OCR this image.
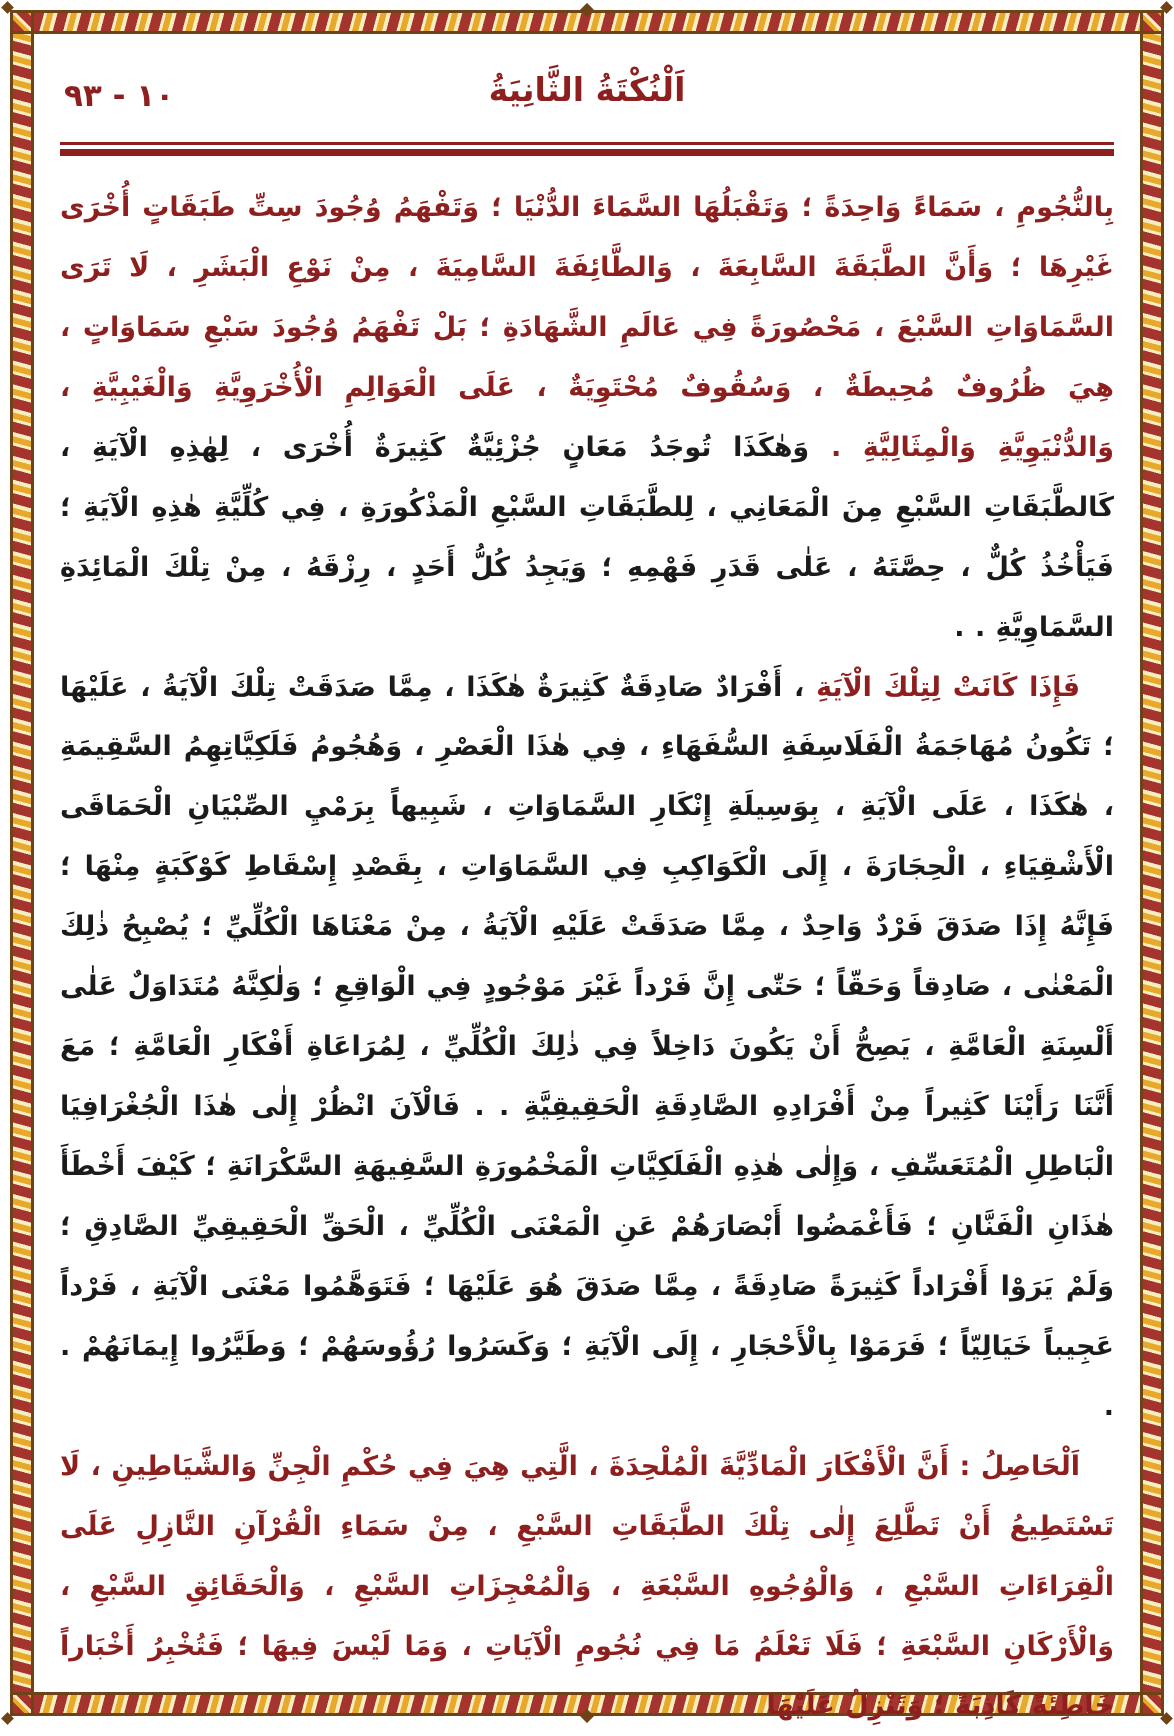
٩٣ - ١٠	اَلْنُكْتَةُ الثَّانِيَةُ

بِالنُّجُومِ ، سَمَاءً وَاحِدَةً ؛ وَتَقْبَلُهَا السَّمَاءَ الدُّنْيَا ؛ وَتَفْهَمُ وُجُودَ سِتِّ طَبَقَاتٍ أُخْرَى غَيْرِهَا ؛ وَأَنَّ الطَّبَقَةَ السَّابِعَةَ ، وَالطَّائِفَةَ السَّامِيَةَ ، مِنْ نَوْعِ الْبَشَرِ ، لَا تَرَى السَّمَاوَاتِ السَّبْعَ ، مَحْصُورَةً فِي عَالَمِ الشَّهَادَةِ ؛ بَلْ تَفْهَمُ وُجُودَ سَبْعِ سَمَاوَاتٍ ، هِيَ ظُرُوفٌ مُحِيطَةٌ ، وَسُقُوفٌ مُحْتَوِيَةٌ ، عَلَى الْعَوَالِمِ الْأُخْرَوِيَّةِ وَالْغَيْبِيَّةِ ، وَالدُّنْيَوِيَّةِ وَالْمِثَالِيَّةِ . وَهٰكَذَا تُوجَدُ مَعَانٍ جُزْئِيَّةٌ كَثِيرَةٌ أُخْرَى ، لِهٰذِهِ الْآيَةِ ، كَالطَّبَقَاتِ السَّبْعِ مِنَ الْمَعَانِي ، لِلطَّبَقَاتِ السَّبْعِ الْمَذْكُورَةِ ، فِي كُلِّيَّةِ هٰذِهِ الْآيَةِ ؛ فَيَأْخُذُ كُلٌّ ، حِصَّتَهُ ، عَلٰى قَدَرِ فَهْمِهِ ؛ وَيَجِدُ كُلُّ أَحَدٍ ، رِزْقَهُ ، مِنْ تِلْكَ الْمَائِدَةِ السَّمَاوِيَّةِ . .

فَإِذَا كَانَتْ لِتِلْكَ الْآيَةِ ، أَفْرَادٌ صَادِقَةٌ كَثِيرَةٌ هٰكَذَا ، مِمَّا صَدَقَتْ تِلْكَ الْآيَةُ ، عَلَيْهَا ؛ تَكُونُ مُهَاجَمَةُ الْفَلَاسِفَةِ السُّفَهَاءِ ، فِي هٰذَا الْعَصْرِ ، وَهُجُومُ فَلَكِيَّاتِهِمُ السَّقِيمَةِ ، هٰكَذَا ، عَلَى الْآيَةِ ، بِوَسِيلَةِ إِنْكَارِ السَّمَاوَاتِ ، شَبِيهاً بِرَمْيِ الصِّبْيَانِ الْحَمَاقَى الْأَشْقِيَاءِ ، الْحِجَارَةَ ، إِلَى الْكَوَاكِبِ فِي السَّمَاوَاتِ ، بِقَصْدِ إِسْقَاطِ كَوْكَبَةٍ مِنْهَا ؛ فَإِنَّهُ إِذَا صَدَقَ فَرْدٌ وَاحِدٌ ، مِمَّا صَدَقَتْ عَلَيْهِ الْآيَةُ ، مِنْ مَعْنَاهَا الْكُلِّيِّ ؛ يُصْبِحُ ذٰلِكَ الْمَعْنٰى ، صَادِقاً وَحَقّاً ؛ حَتّٰى إِنَّ فَرْداً غَيْرَ مَوْجُودٍ فِي الْوَاقِعِ ؛ وَلٰكِنَّهُ مُتَدَاوَلٌ عَلٰى أَلْسِنَةِ الْعَامَّةِ ، يَصِحُّ أَنْ يَكُونَ دَاخِلاً فِي ذٰلِكَ الْكُلِّيِّ ، لِمُرَاعَاةِ أَفْكَارِ الْعَامَّةِ ؛ مَعَ أَنَّنَا رَأَيْنَا كَثِيراً مِنْ أَفْرَادِهِ الصَّادِقَةِ الْحَقِيقِيَّةِ . . فَالْآنَ انْظُرْ إِلٰى هٰذَا الْجُغْرَافِيَا الْبَاطِلِ الْمُتَعَسِّفِ ، وَإِلٰى هٰذِهِ الْفَلَكِيَّاتِ الْمَخْمُورَةِ السَّفِيهَةِ السَّكْرَانَةِ ؛ كَيْفَ أَخْطَأَ هٰذَانِ الْفَنَّانِ ؛ فَأَغْمَضُوا أَبْصَارَهُمْ عَنِ الْمَعْنَى الْكُلِّيِّ ، الْحَقِّ الْحَقِيقِيِّ الصَّادِقِ ؛ وَلَمْ يَرَوْا أَفْرَاداً كَثِيرَةً صَادِقَةً ، مِمَّا صَدَقَ هُوَ عَلَيْهَا ؛ فَتَوَهَّمُوا مَعْنَى الْآيَةِ ، فَرْداً عَجِيباً خَيَالِيّاً ؛ فَرَمَوْا بِالْأَحْجَارِ ، إِلَى الْآيَةِ ؛ وَكَسَرُوا رُؤُوسَهُمْ ؛ وَطَيَّرُوا إِيمَانَهُمْ . .

اَلْحَاصِلُ : أَنَّ الْأَفْكَارَ الْمَادِّيَّةَ الْمُلْحِدَةَ ، الَّتِي هِيَ فِي حُكْمِ الْجِنِّ وَالشَّيَاطِينِ ، لَا تَسْتَطِيعُ أَنْ تَطَّلِعَ إِلٰى تِلْكَ الطَّبَقَاتِ السَّبْعِ ، مِنْ سَمَاءِ الْقُرْآنِ النَّازِلِ عَلَى الْقِرَاءَاتِ السَّبْعِ ، وَالْوُجُوهِ السَّبْعَةِ ، وَالْمُعْجِزَاتِ السَّبْعِ ، وَالْحَقَائِقِ السَّبْعِ ، وَالْأَرْكَانِ السَّبْعَةِ ؛ فَلَا تَعْلَمُ مَا فِي نُجُومِ الْآيَاتِ ، وَمَا لَيْسَ فِيهَا ؛ فَتُخْبِرُ أَخْبَاراً خَاطِئَةً كَاذِبَةً ؛ وَتَنْزِلُ عَلَيْهَا
